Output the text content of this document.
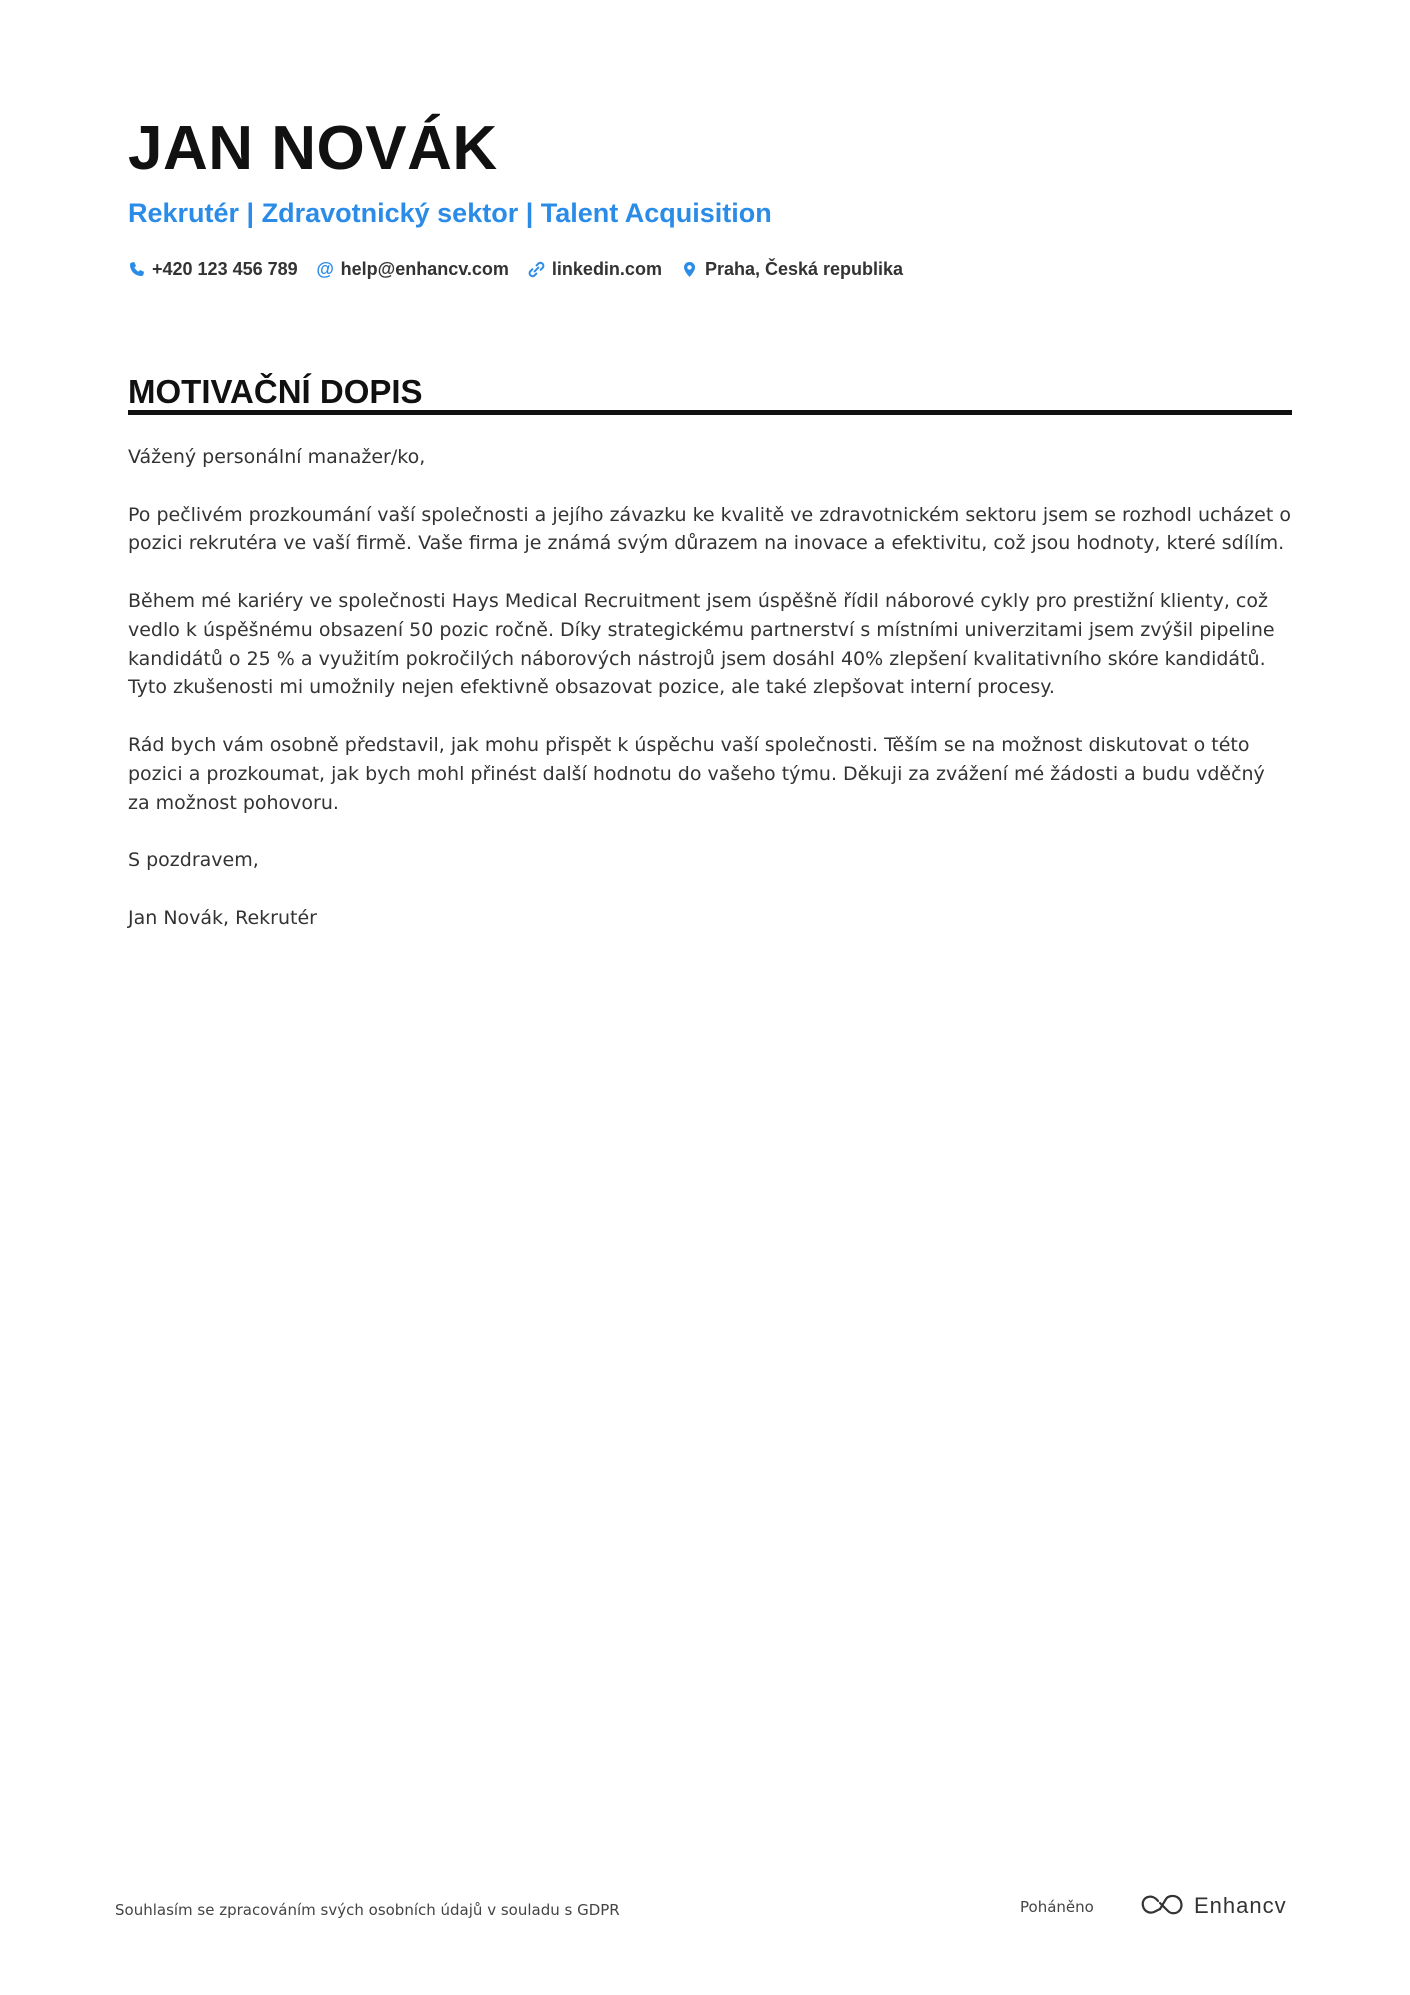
JAN NOVÁK
Rekrutér | Zdravotnický sektor | Talent Acquisition
+420 123 456 789 @ help@enhancv.com linkedin.com Praha, Česká republika
MOTIVAČNÍ DOPIS

Vážený personální manažer/ko,

Po pečlivém prozkoumání vaší společnosti a jejího závazku ke kvalitě ve zdravotnickém sektoru jsem se rozhodl ucházet o pozici rekrutéra ve vaší firmě. Vaše firma je známá svým důrazem na inovace a efektivitu, což jsou hodnoty, které sdílím.

Během mé kariéry ve společnosti Hays Medical Recruitment jsem úspěšně řídil náborové cykly pro prestižní klienty, což vedlo k úspěšnému obsazení 50 pozic ročně. Díky strategickému partnerství s místními univerzitami jsem zvýšil pipeline kandidátů o 25 % a využitím pokročilých náborových nástrojů jsem dosáhl 40% zlepšení kvalitativního skóre kandidátů. Tyto zkušenosti mi umožnily nejen efektivně obsazovat pozice, ale také zlepšovat interní procesy.

Rád bych vám osobně představil, jak mohu přispět k úspěchu vaší společnosti. Těším se na možnost diskutovat o této pozici a prozkoumat, jak bych mohl přinést další hodnotu do vašeho týmu. Děkuji za zvážení mé žádosti a budu vděčný za možnost pohovoru.

S pozdravem,

Jan Novák, Rekrutér

Souhlasím se zpracováním svých osobních údajů v souladu s GDPR	Poháněno	Enhancv
